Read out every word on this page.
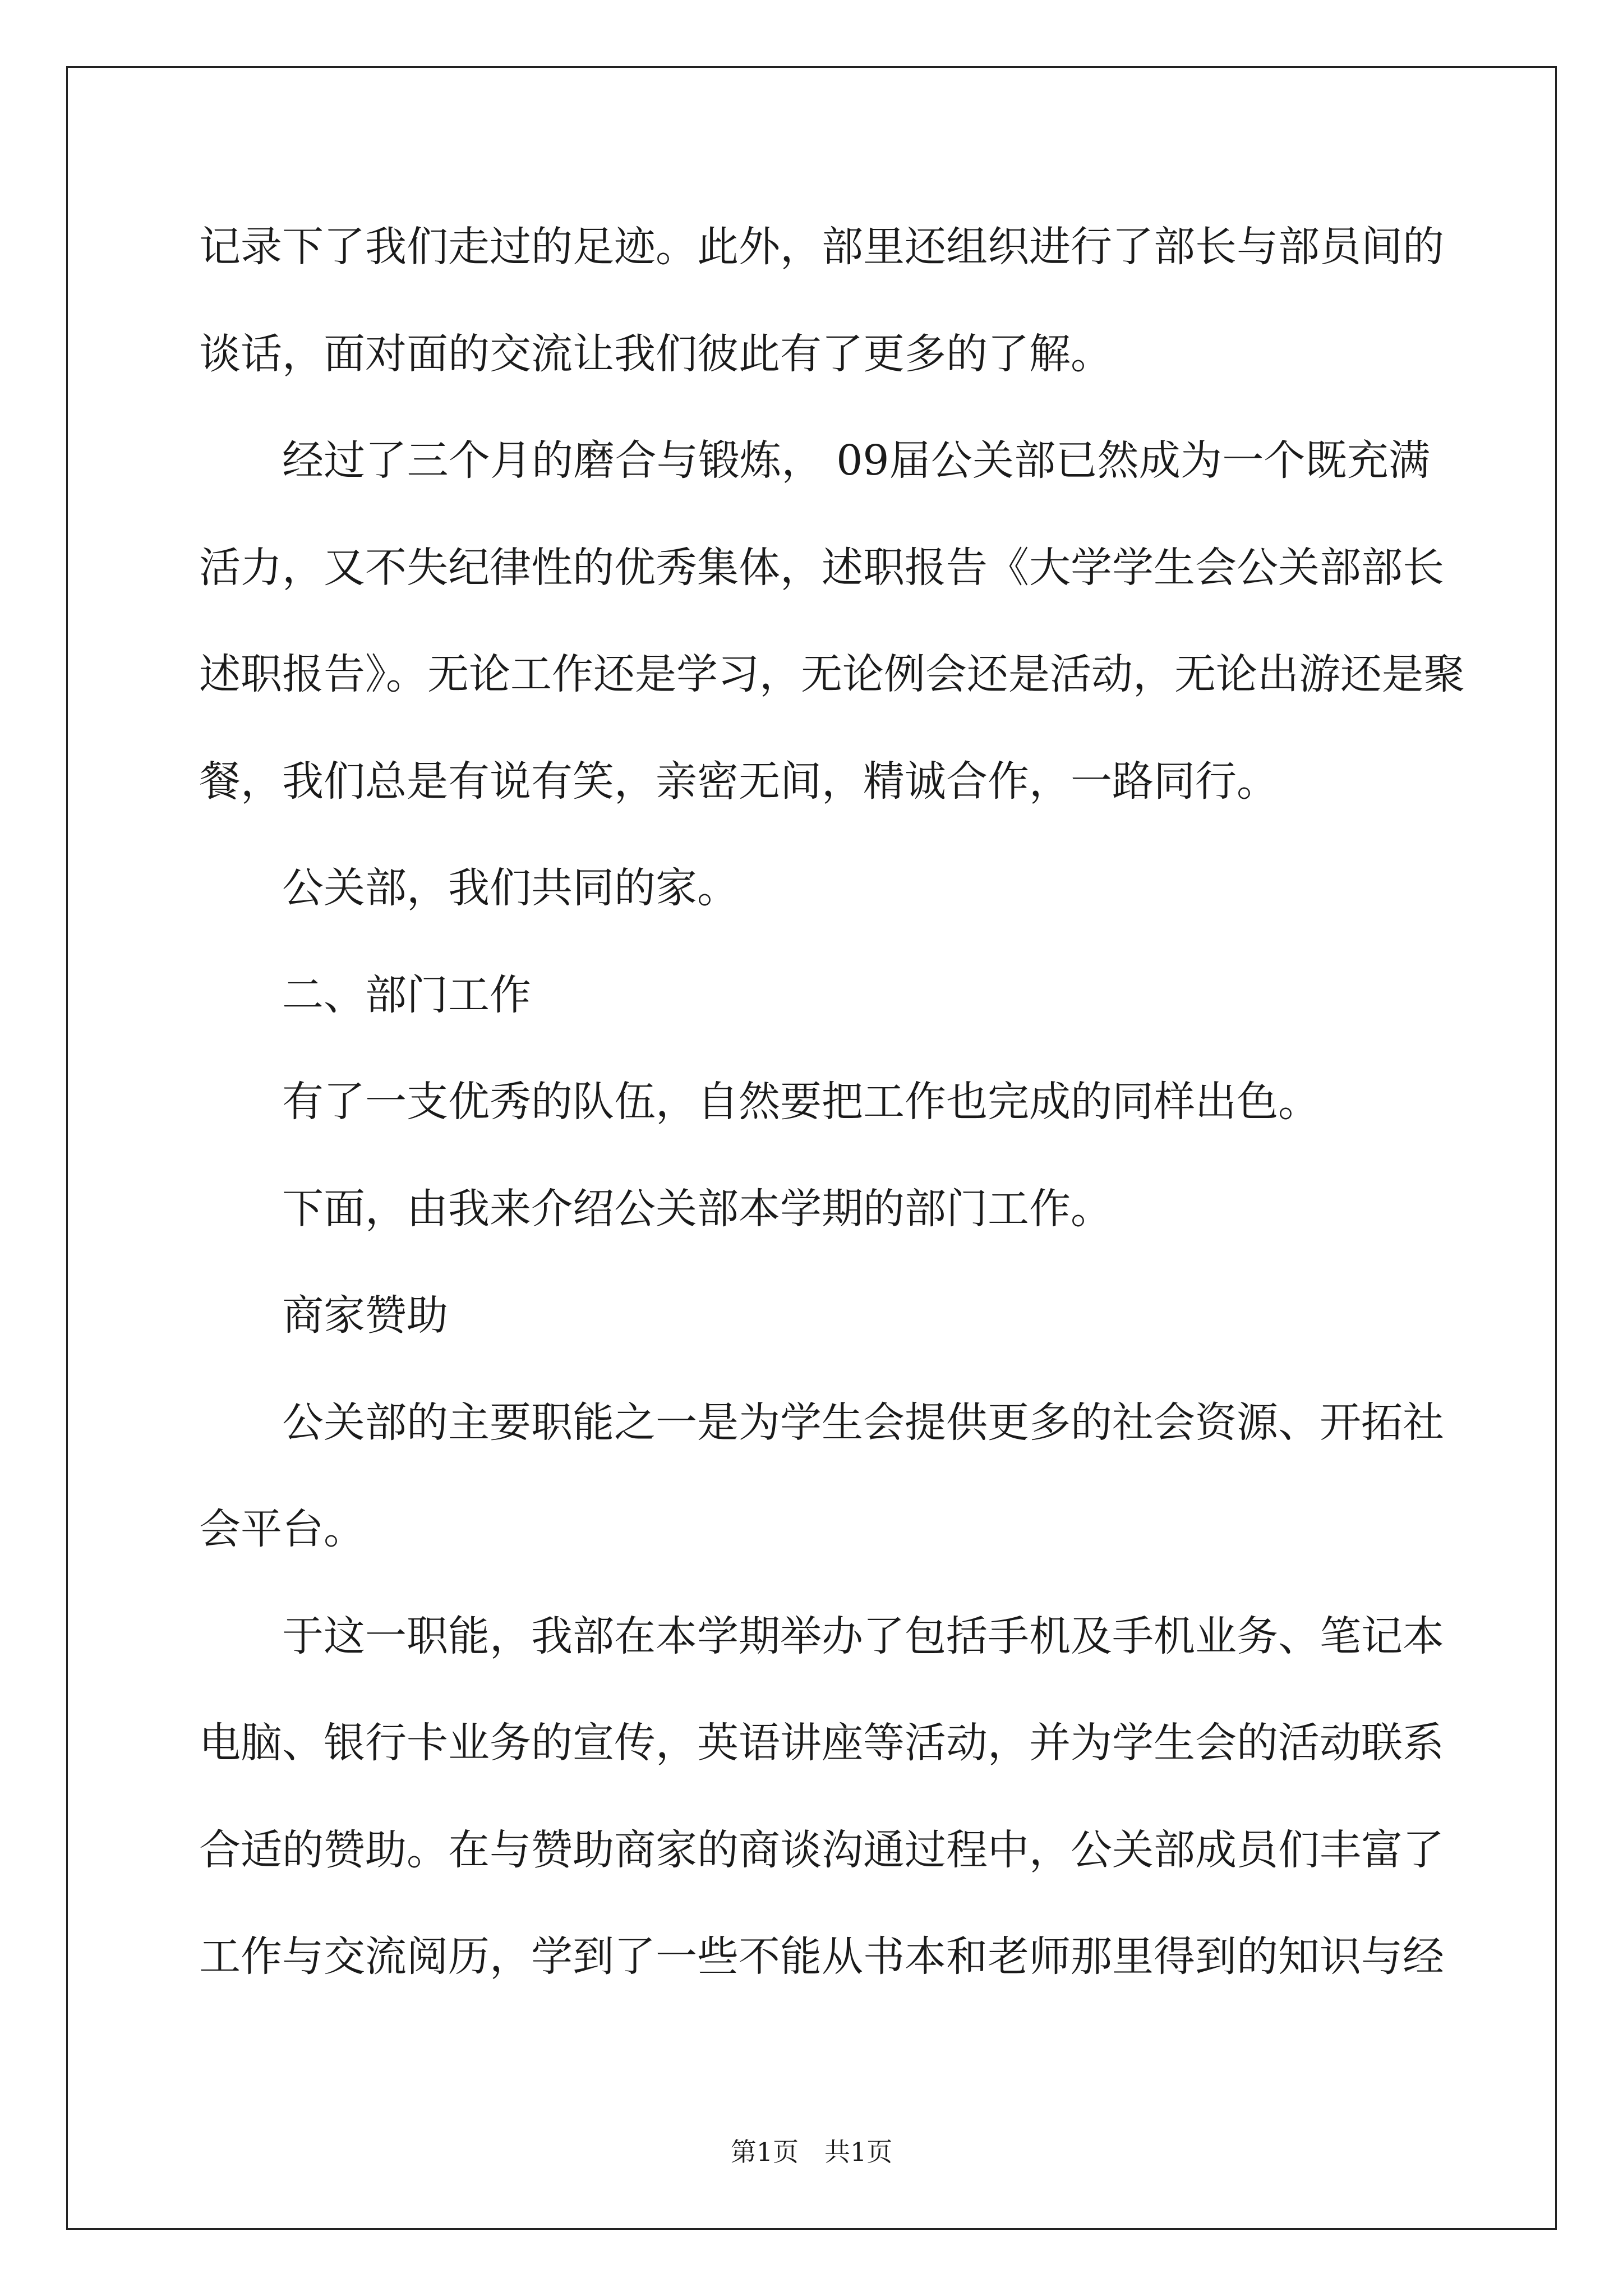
记录下了我们走过的足迹。此外，部里还组织进行了部长与部员间的
谈话，面对面的交流让我们彼此有了更多的了解。
经过了三个月的磨合与锻炼， 09届公关部已然成为一个既充满
活力，又不失纪律性的优秀集体，述职报告《大学学生会公关部部长
述职报告》。无论工作还是学习，无论例会还是活动，无论出游还是聚
餐，我们总是有说有笑，亲密无间，精诚合作，一路同行。
公关部，我们共同的家。
二、部门工作
有了一支优秀的队伍，自然要把工作也完成的同样出色。
下面，由我来介绍公关部本学期的部门工作。
商家赞助
公关部的主要职能之一是为学生会提供更多的社会资源、开拓社
会平台。
于这一职能，我部在本学期举办了包括手机及手机业务、笔记本
电脑、银行卡业务的宣传，英语讲座等活动，并为学生会的活动联系
合适的赞助。在与赞助商家的商谈沟通过程中，公关部成员们丰富了
工作与交流阅历，学到了一些不能从书本和老师那里得到的知识与经
第1页　共1页
